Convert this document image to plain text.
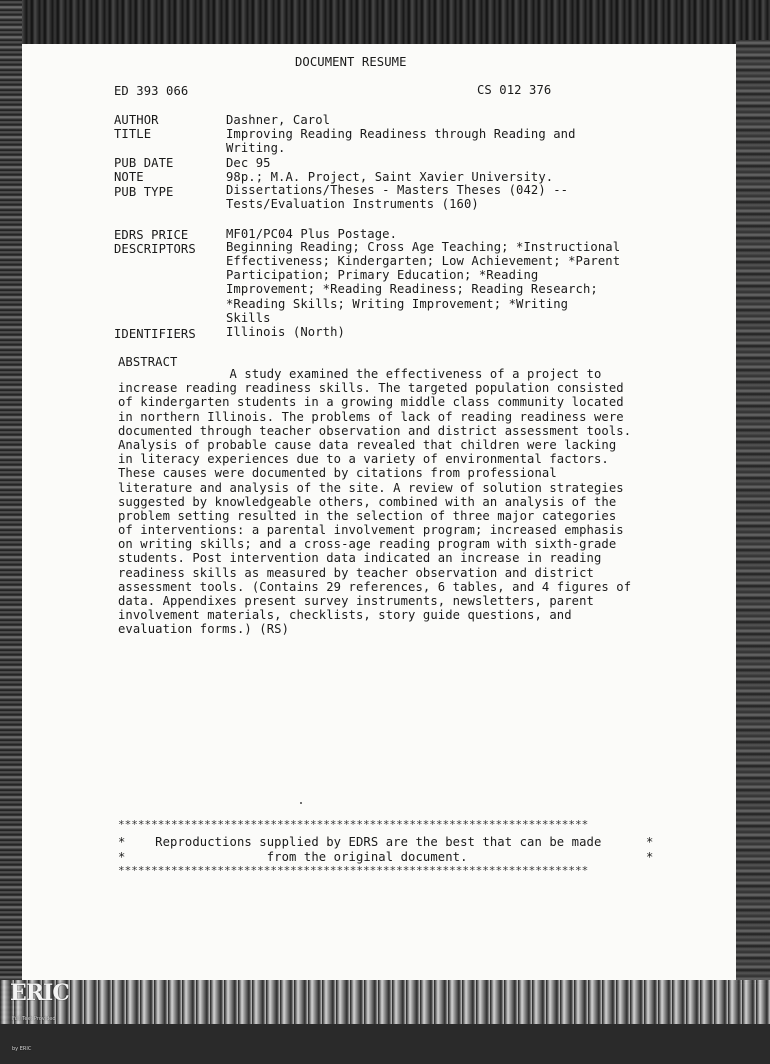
DOCUMENT RESUME
ED 393 066	CS 012 376
AUTHOR	Dashner, Carol
TITLE	Improving Reading Readiness through Reading and
Writing.
PUB DATE	Dec 95
NOTE	98p.; M.A. Project, Saint Xavier University.
PUB TYPE	Dissertations/Theses - Masters Theses (042) --
Tests/Evaluation Instruments (160)
EDRS PRICE	MF01/PC04 Plus Postage.
DESCRIPTORS Beginning Reading; Cross Age Teaching; *Instructional
Effectiveness; Kindergarten; Low Achievement; *Parent
Participation; Primary Education; *Reading
Improvement; *Reading Readiness; Reading Research;
*Reading Skills; Writing Improvement; *Writing
Skills
IDENTIFIERS Illinois (North)
ABSTRACT
A study examined the effectiveness of a project to
increase reading readiness skills. The targeted population consisted
of kindergarten students in a growing middle class community located
in northern Illinois. The problems of lack of reading readiness were
documented through teacher observation and district assessment tools.
Analysis of probable cause data revealed that children were lacking
in literacy experiences due to a variety of environmental factors.
These causes were documented by citations from professional
literature and analysis of the site. A review of solution strategies
suggested by knowledgeable others, combined with an analysis of the
problem setting resulted in the selection of three major categories
of interventions: a parental involvement program; increased emphasis
on writing skills; and a cross-age reading program with sixth-grade
students. Post intervention data indicated an increase in reading
readiness skills as measured by teacher observation and district
assessment tools. (Contains 29 references, 6 tables, and 4 figures of
data. Appendixes present survey instruments, newsletters, parent
involvement materials, checklists, story guide questions, and
evaluation forms.) (RS)
***********************************************************************
*    Reproductions supplied by EDRS are the best that can be made      *
*                   from the original document.                        *
***********************************************************************
ERIC
Full Text Provided by ERIC
